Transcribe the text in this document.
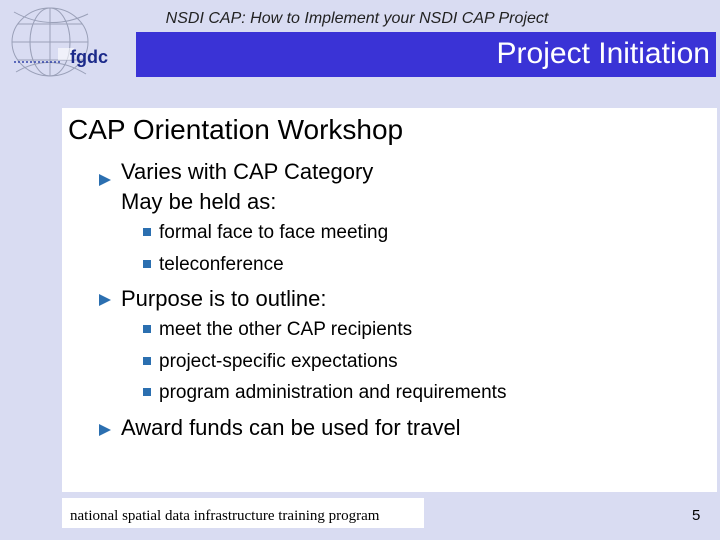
fgdc
NSDI CAP: How to Implement your NSDI CAP Project
Project Initiation
CAP Orientation Workshop
Varies with CAP Category
May be held as:
formal face to face meeting
teleconference
Purpose is to outline:
meet the other CAP recipients
project-specific expectations
program administration and requirements
Award funds can be used for travel
national spatial data infrastructure training program	5
